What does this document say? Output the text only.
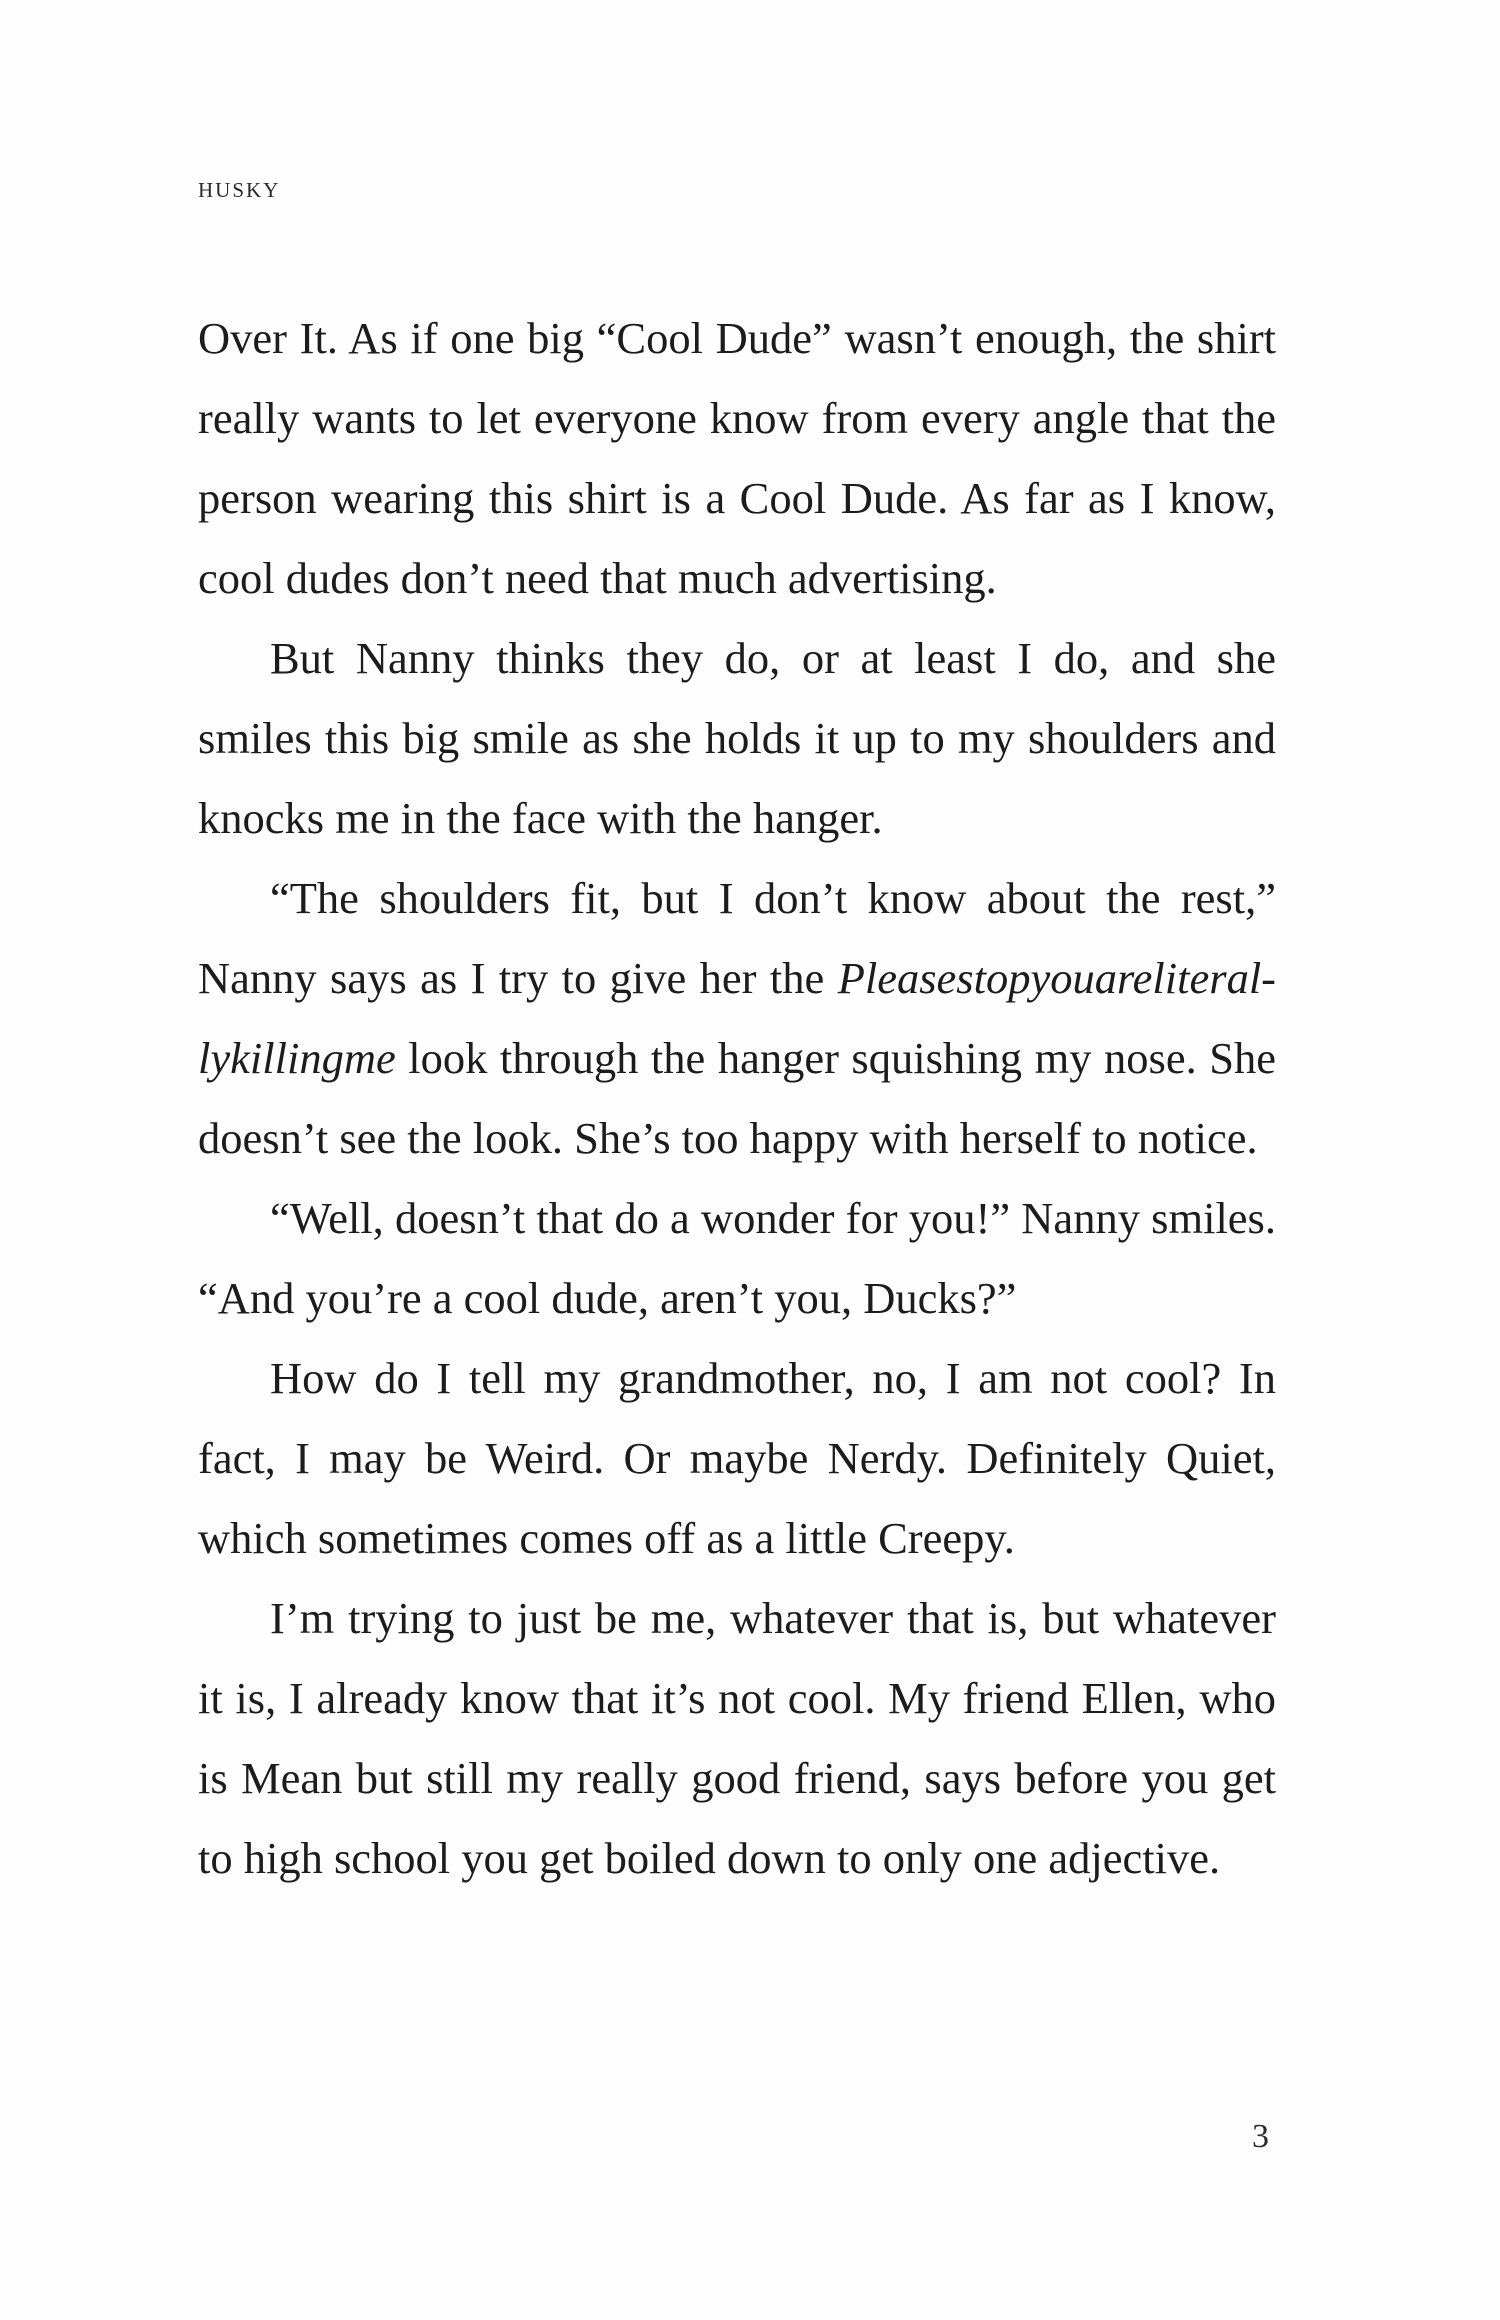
HUSKY

Over It. As if one big “Cool Dude” wasn’t enough, the shirt really wants to let everyone know from every angle that the person wearing this shirt is a Cool Dude. As far as I know, cool dudes don’t need that much advertising.

But Nanny thinks they do, or at least I do, and she smiles this big smile as she holds it up to my shoulders and knocks me in the face with the hanger.

“The shoulders fit, but I don’t know about the rest,” Nanny says as I try to give her the Pleasestopyouareliteral-lykillingme look through the hanger squishing my nose. She doesn’t see the look. She’s too happy with herself to notice.

“Well, doesn’t that do a wonder for you!” Nanny smiles. “And you’re a cool dude, aren’t you, Ducks?”

How do I tell my grandmother, no, I am not cool? In fact, I may be Weird. Or maybe Nerdy. Definitely Quiet, which sometimes comes off as a little Creepy.

I’m trying to just be me, whatever that is, but whatever it is, I already know that it’s not cool. My friend Ellen, who is Mean but still my really good friend, says before you get to high school you get boiled down to only one adjective.

3
